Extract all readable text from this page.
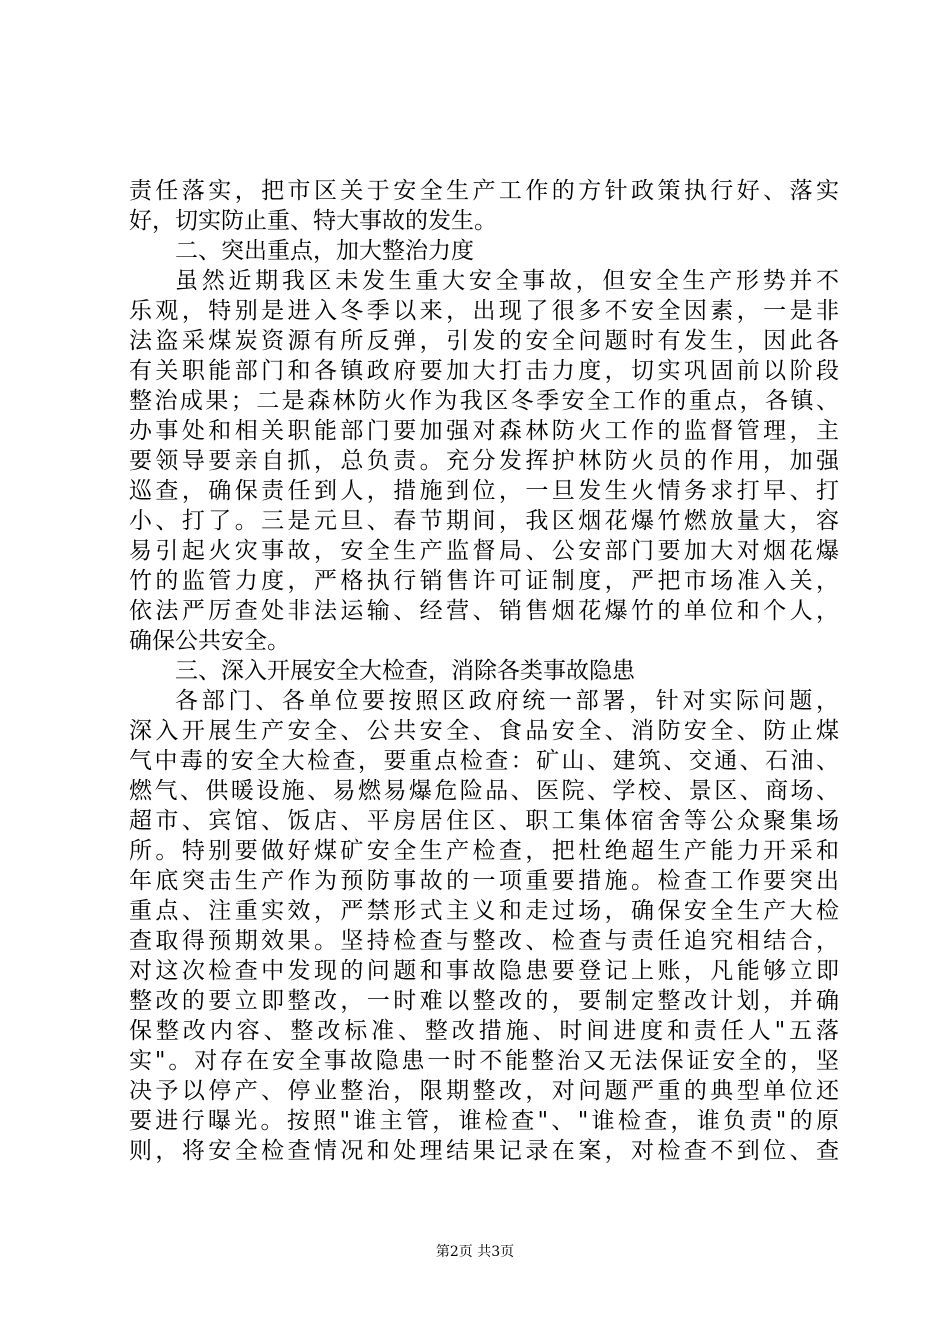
责任落实，把市区关于安全生产工作的方针政策执行好、落实
好，切实防止重、特大事故的发生。
二、突出重点，加大整治力度
虽然近期我区未发生重大安全事故，但安全生产形势并不
乐观，特别是进入冬季以来，出现了很多不安全因素，一是非
法盗采煤炭资源有所反弹，引发的安全问题时有发生，因此各
有关职能部门和各镇政府要加大打击力度，切实巩固前以阶段
整治成果；二是森林防火作为我区冬季安全工作的重点，各镇、
办事处和相关职能部门要加强对森林防火工作的监督管理，主
要领导要亲自抓，总负责。充分发挥护林防火员的作用，加强
巡查，确保责任到人，措施到位，一旦发生火情务求打早、打
小、打了。三是元旦、春节期间，我区烟花爆竹燃放量大，容
易引起火灾事故，安全生产监督局、公安部门要加大对烟花爆
竹的监管力度，严格执行销售许可证制度，严把市场准入关，
依法严厉查处非法运输、经营、销售烟花爆竹的单位和个人，
确保公共安全。
三、深入开展安全大检查，消除各类事故隐患
各部门、各单位要按照区政府统一部署，针对实际问题，
深入开展生产安全、公共安全、食品安全、消防安全、防止煤
气中毒的安全大检查，要重点检查：矿山、建筑、交通、石油、
燃气、供暖设施、易燃易爆危险品、医院、学校、景区、商场、
超市、宾馆、饭店、平房居住区、职工集体宿舍等公众聚集场
所。特别要做好煤矿安全生产检查，把杜绝超生产能力开采和
年底突击生产作为预防事故的一项重要措施。检查工作要突出
重点、注重实效，严禁形式主义和走过场，确保安全生产大检
查取得预期效果。坚持检查与整改、检查与责任追究相结合，
对这次检查中发现的问题和事故隐患要登记上账，凡能够立即
整改的要立即整改，一时难以整改的，要制定整改计划，并确
保整改内容、整改标准、整改措施、时间进度和责任人"五落
实"。对存在安全事故隐患一时不能整治又无法保证安全的，坚
决予以停产、停业整治，限期整改，对问题严重的典型单位还
要进行曝光。按照"谁主管，谁检查"、"谁检查，谁负责"的原
则，将安全检查情况和处理结果记录在案，对检查不到位、查
第2页 共3页
